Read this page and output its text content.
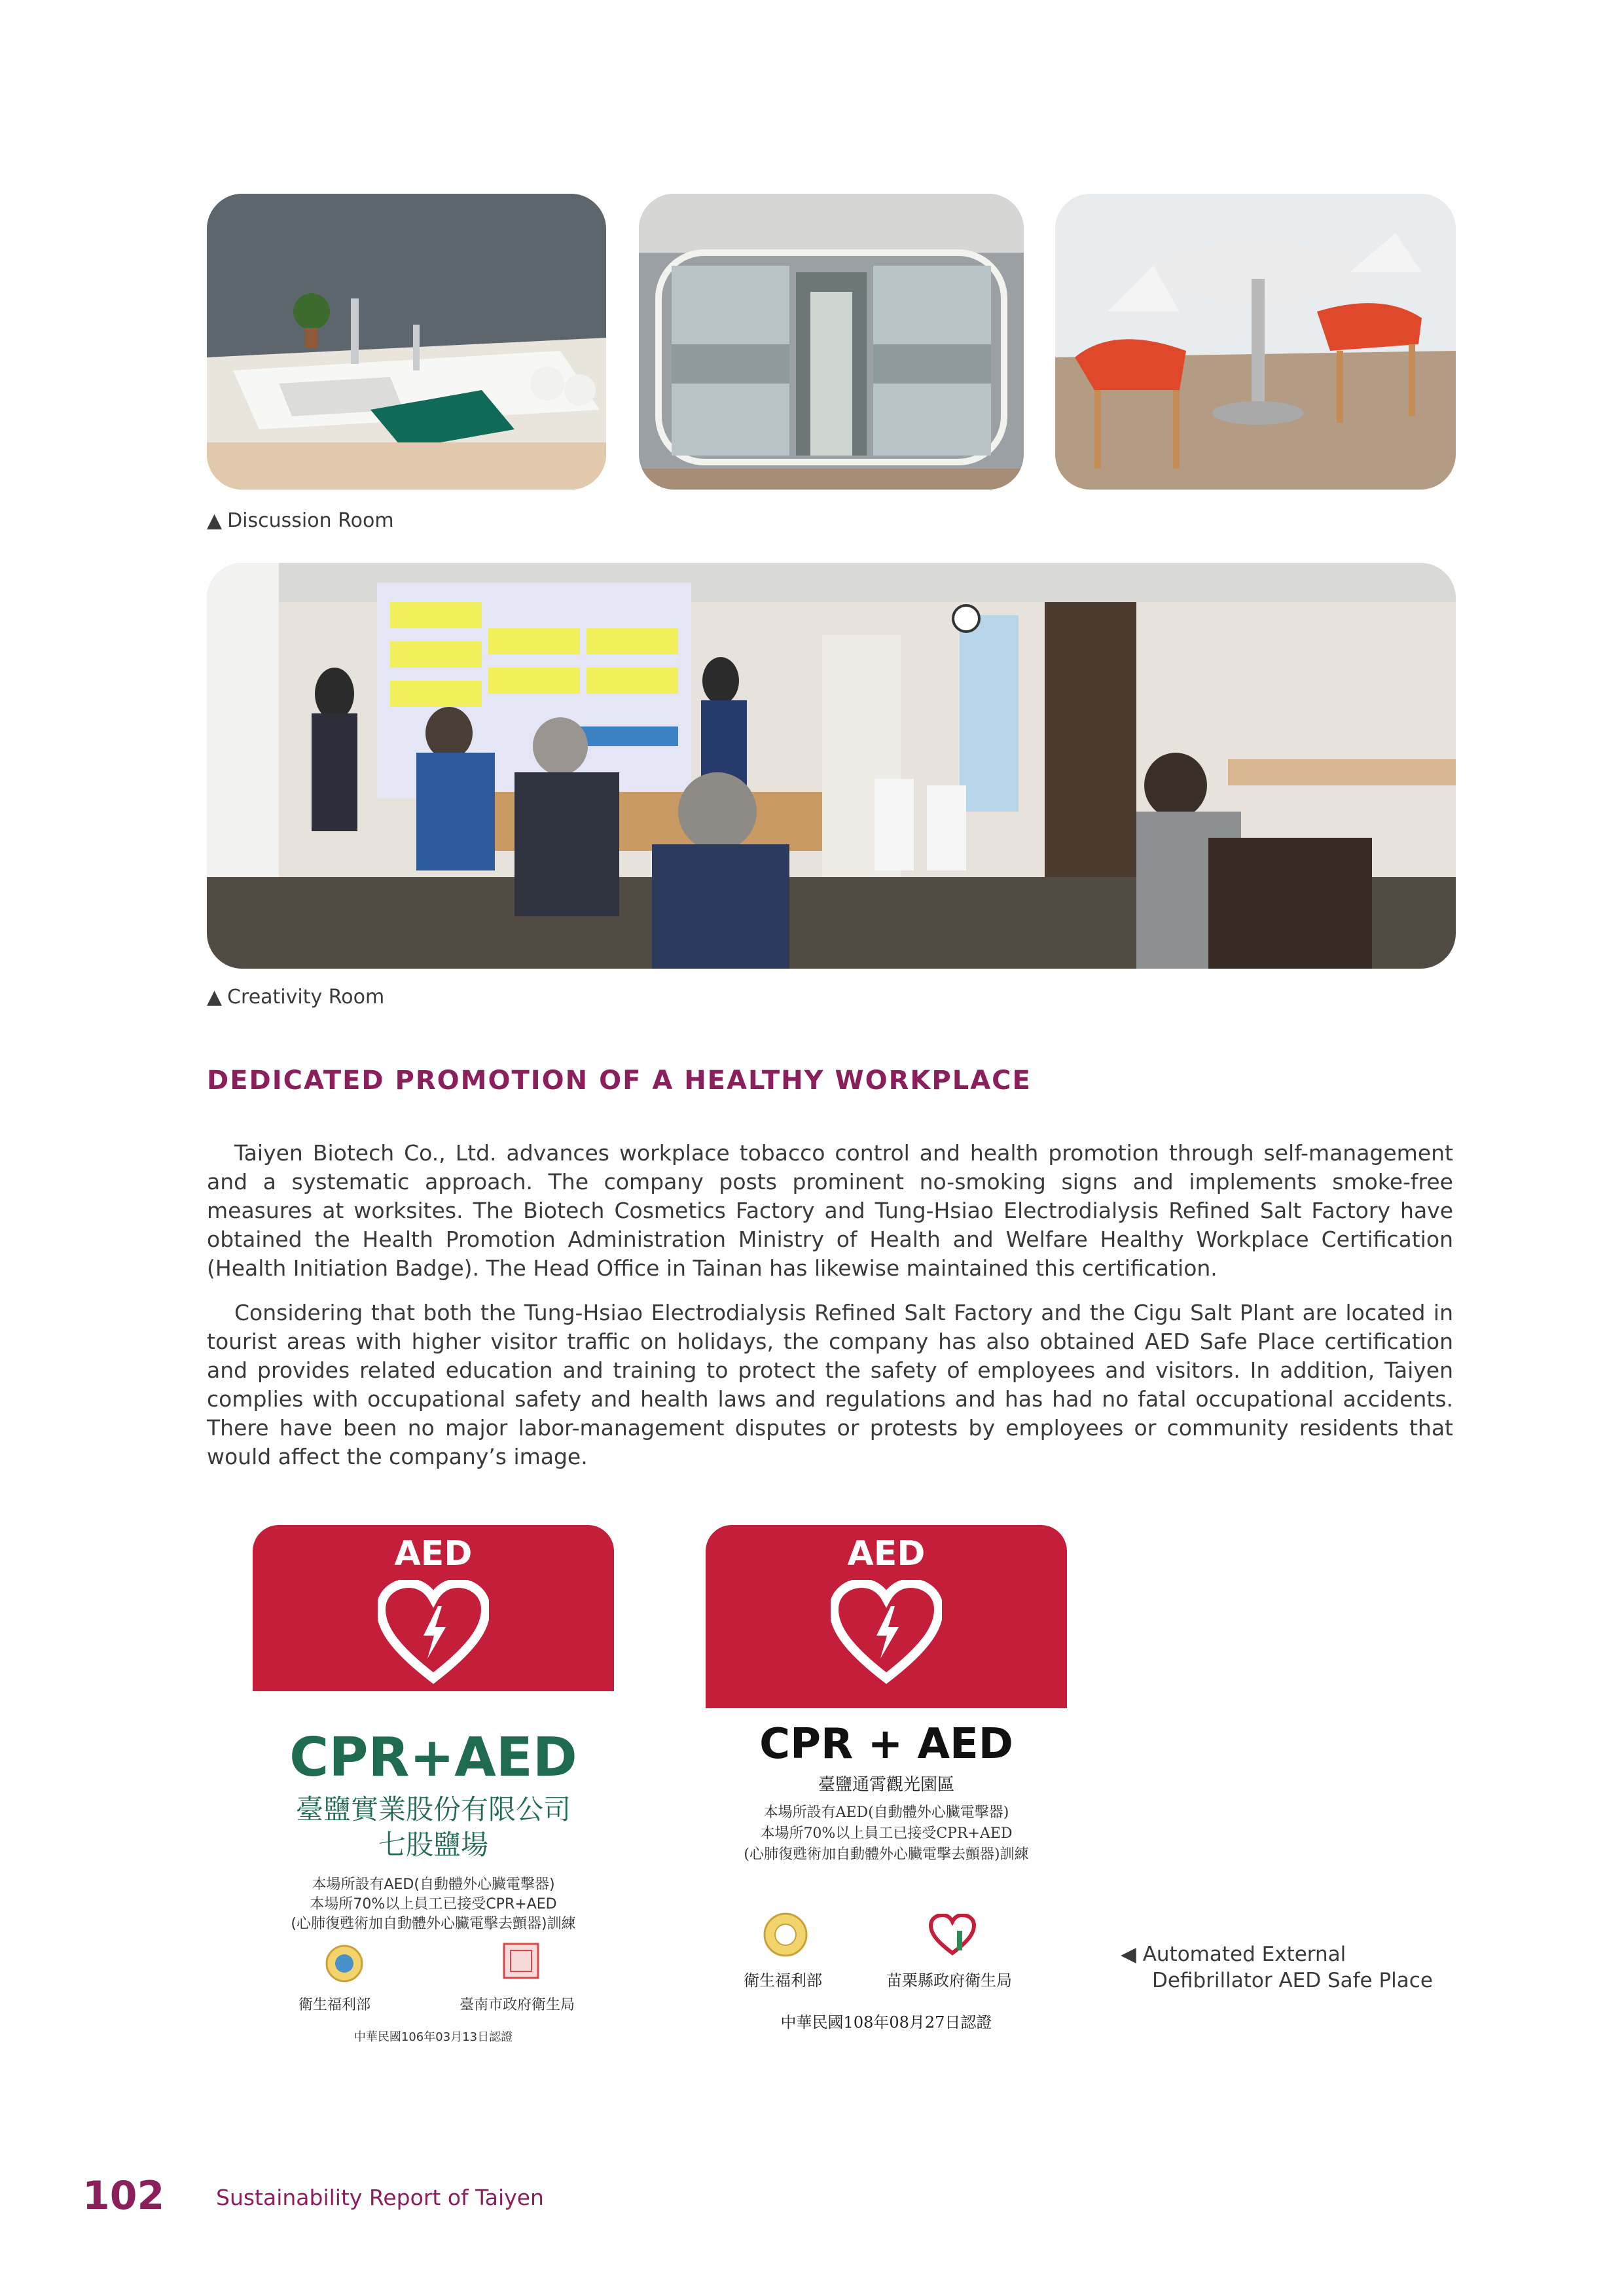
▲ Discussion Room
▲ Creativity Room
DEDICATED PROMOTION OF A HEALTHY WORKPLACE

Taiyen Biotech Co., Ltd. advances workplace tobacco control and health promotion through self-management and a systematic approach. The company posts prominent no-smoking signs and implements smoke-free measures at worksites. The Biotech Cosmetics Factory and Tung-Hsiao Electrodialysis Refined Salt Factory have obtained the Health Promotion Administration Ministry of Health and Welfare Healthy Workplace Certification (Health Initiation Badge). The Head Office in Tainan has likewise maintained this certification.

Considering that both the Tung-Hsiao Electrodialysis Refined Salt Factory and the Cigu Salt Plant are located in tourist areas with higher visitor traffic on holidays, the company has also obtained AED Safe Place certification and provides related education and training to protect the safety of employees and visitors. In addition, Taiyen complies with occupational safety and health laws and regulations and has had no fatal occupational accidents. There have been no major labor-management disputes or protests by employees or community residents that would affect the company’s image.

AED
CPR+AED
臺鹽實業股份有限公司
七股鹽場
本場所設有AED(自動體外心臟電擊器)
本場所70%以上員工已接受CPR+AED
(心肺復甦術加自動體外心臟電擊去顫器)訓練
衛生福利部	臺南市政府衛生局
中華民國106年03月13日認證
AED
CPR + AED
臺鹽通霄觀光園區
本場所設有AED(自動體外心臟電擊器)
本場所70%以上員工已接受CPR+AED
(心肺復甦術加自動體外心臟電擊去顫器)訓練
衛生福利部	苗栗縣政府衛生局
中華民國108年08月27日認證
◀ Automated External
Defibrillator AED Safe Place
102 Sustainability Report of Taiyen
